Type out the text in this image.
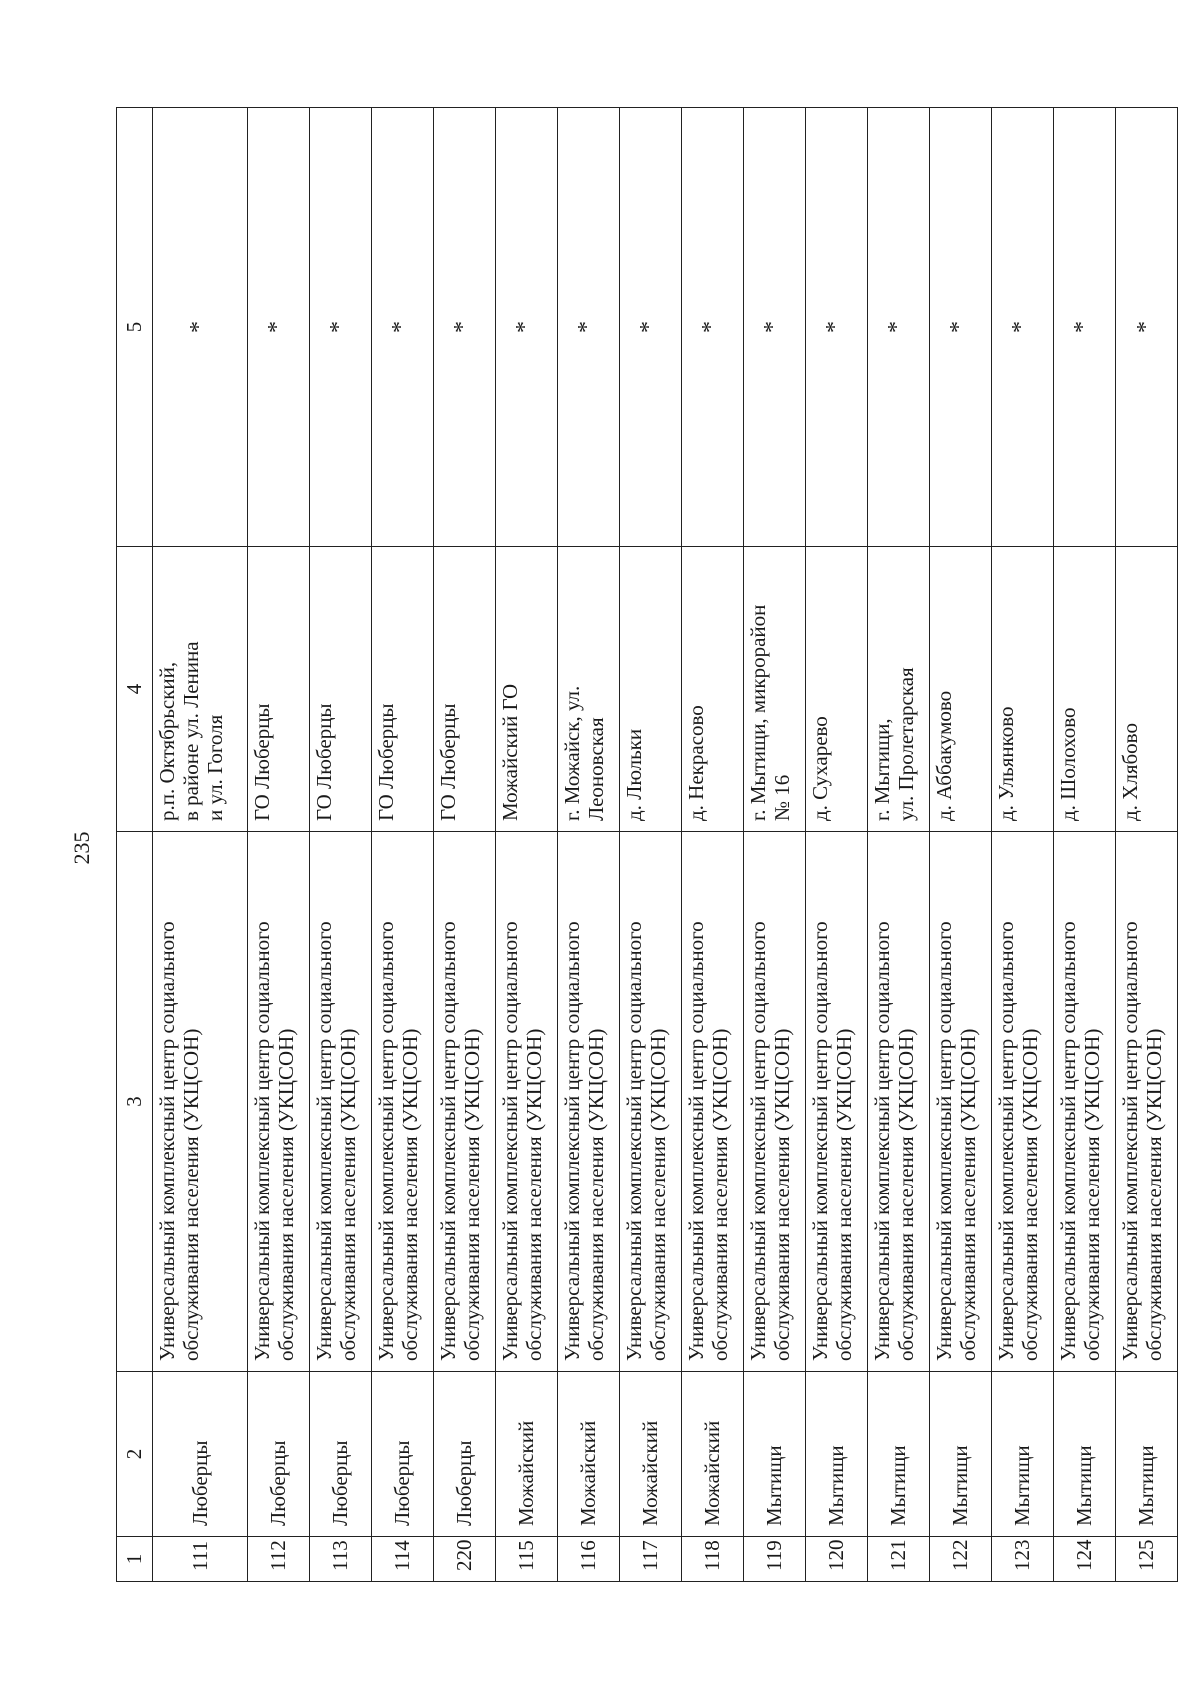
235
1	2	3	4	5
111	Люберцы	Универсальный комплексный центр социального
обслуживания населения (УКЦСОН)	р.п. Октябрьский,
в районе ул. Ленина
и ул. Гоголя	*
112	Люберцы	Универсальный комплексный центр социального
обслуживания населения (УКЦСОН)	ГО Люберцы	*
113	Люберцы	Универсальный комплексный центр социального
обслуживания населения (УКЦСОН)	ГО Люберцы	*
114	Люберцы	Универсальный комплексный центр социального
обслуживания населения (УКЦСОН)	ГО Люберцы	*
220	Люберцы	Универсальный комплексный центр социального
обслуживания населения (УКЦСОН)	ГО Люберцы	*
115	Можайский	Универсальный комплексный центр социального
обслуживания населения (УКЦСОН)	Можайский ГО	*
116	Можайский	Универсальный комплексный центр социального
обслуживания населения (УКЦСОН)	г. Можайск, ул.
Леоновская	*
117	Можайский	Универсальный комплексный центр социального
обслуживания населения (УКЦСОН)	д. Люльки	*
118	Можайский	Универсальный комплексный центр социального
обслуживания населения (УКЦСОН)	д. Некрасово	*
119	Мытищи	Универсальный комплексный центр социального
обслуживания населения (УКЦСОН)	г. Мытищи, микрорайон
№ 16	*
120	Мытищи	Универсальный комплексный центр социального
обслуживания населения (УКЦСОН)	д. Сухарево	*
121	Мытищи	Универсальный комплексный центр социального
обслуживания населения (УКЦСОН)	г. Мытищи,
ул. Пролетарская	*
122	Мытищи	Универсальный комплексный центр социального
обслуживания населения (УКЦСОН)	д. Аббакумово	*
123	Мытищи	Универсальный комплексный центр социального
обслуживания населения (УКЦСОН)	д. Ульянково	*
124	Мытищи	Универсальный комплексный центр социального
обслуживания населения (УКЦСОН)	д. Шолохово	*
125	Мытищи	Универсальный комплексный центр социального
обслуживания населения (УКЦСОН)	д. Хлябово	*
